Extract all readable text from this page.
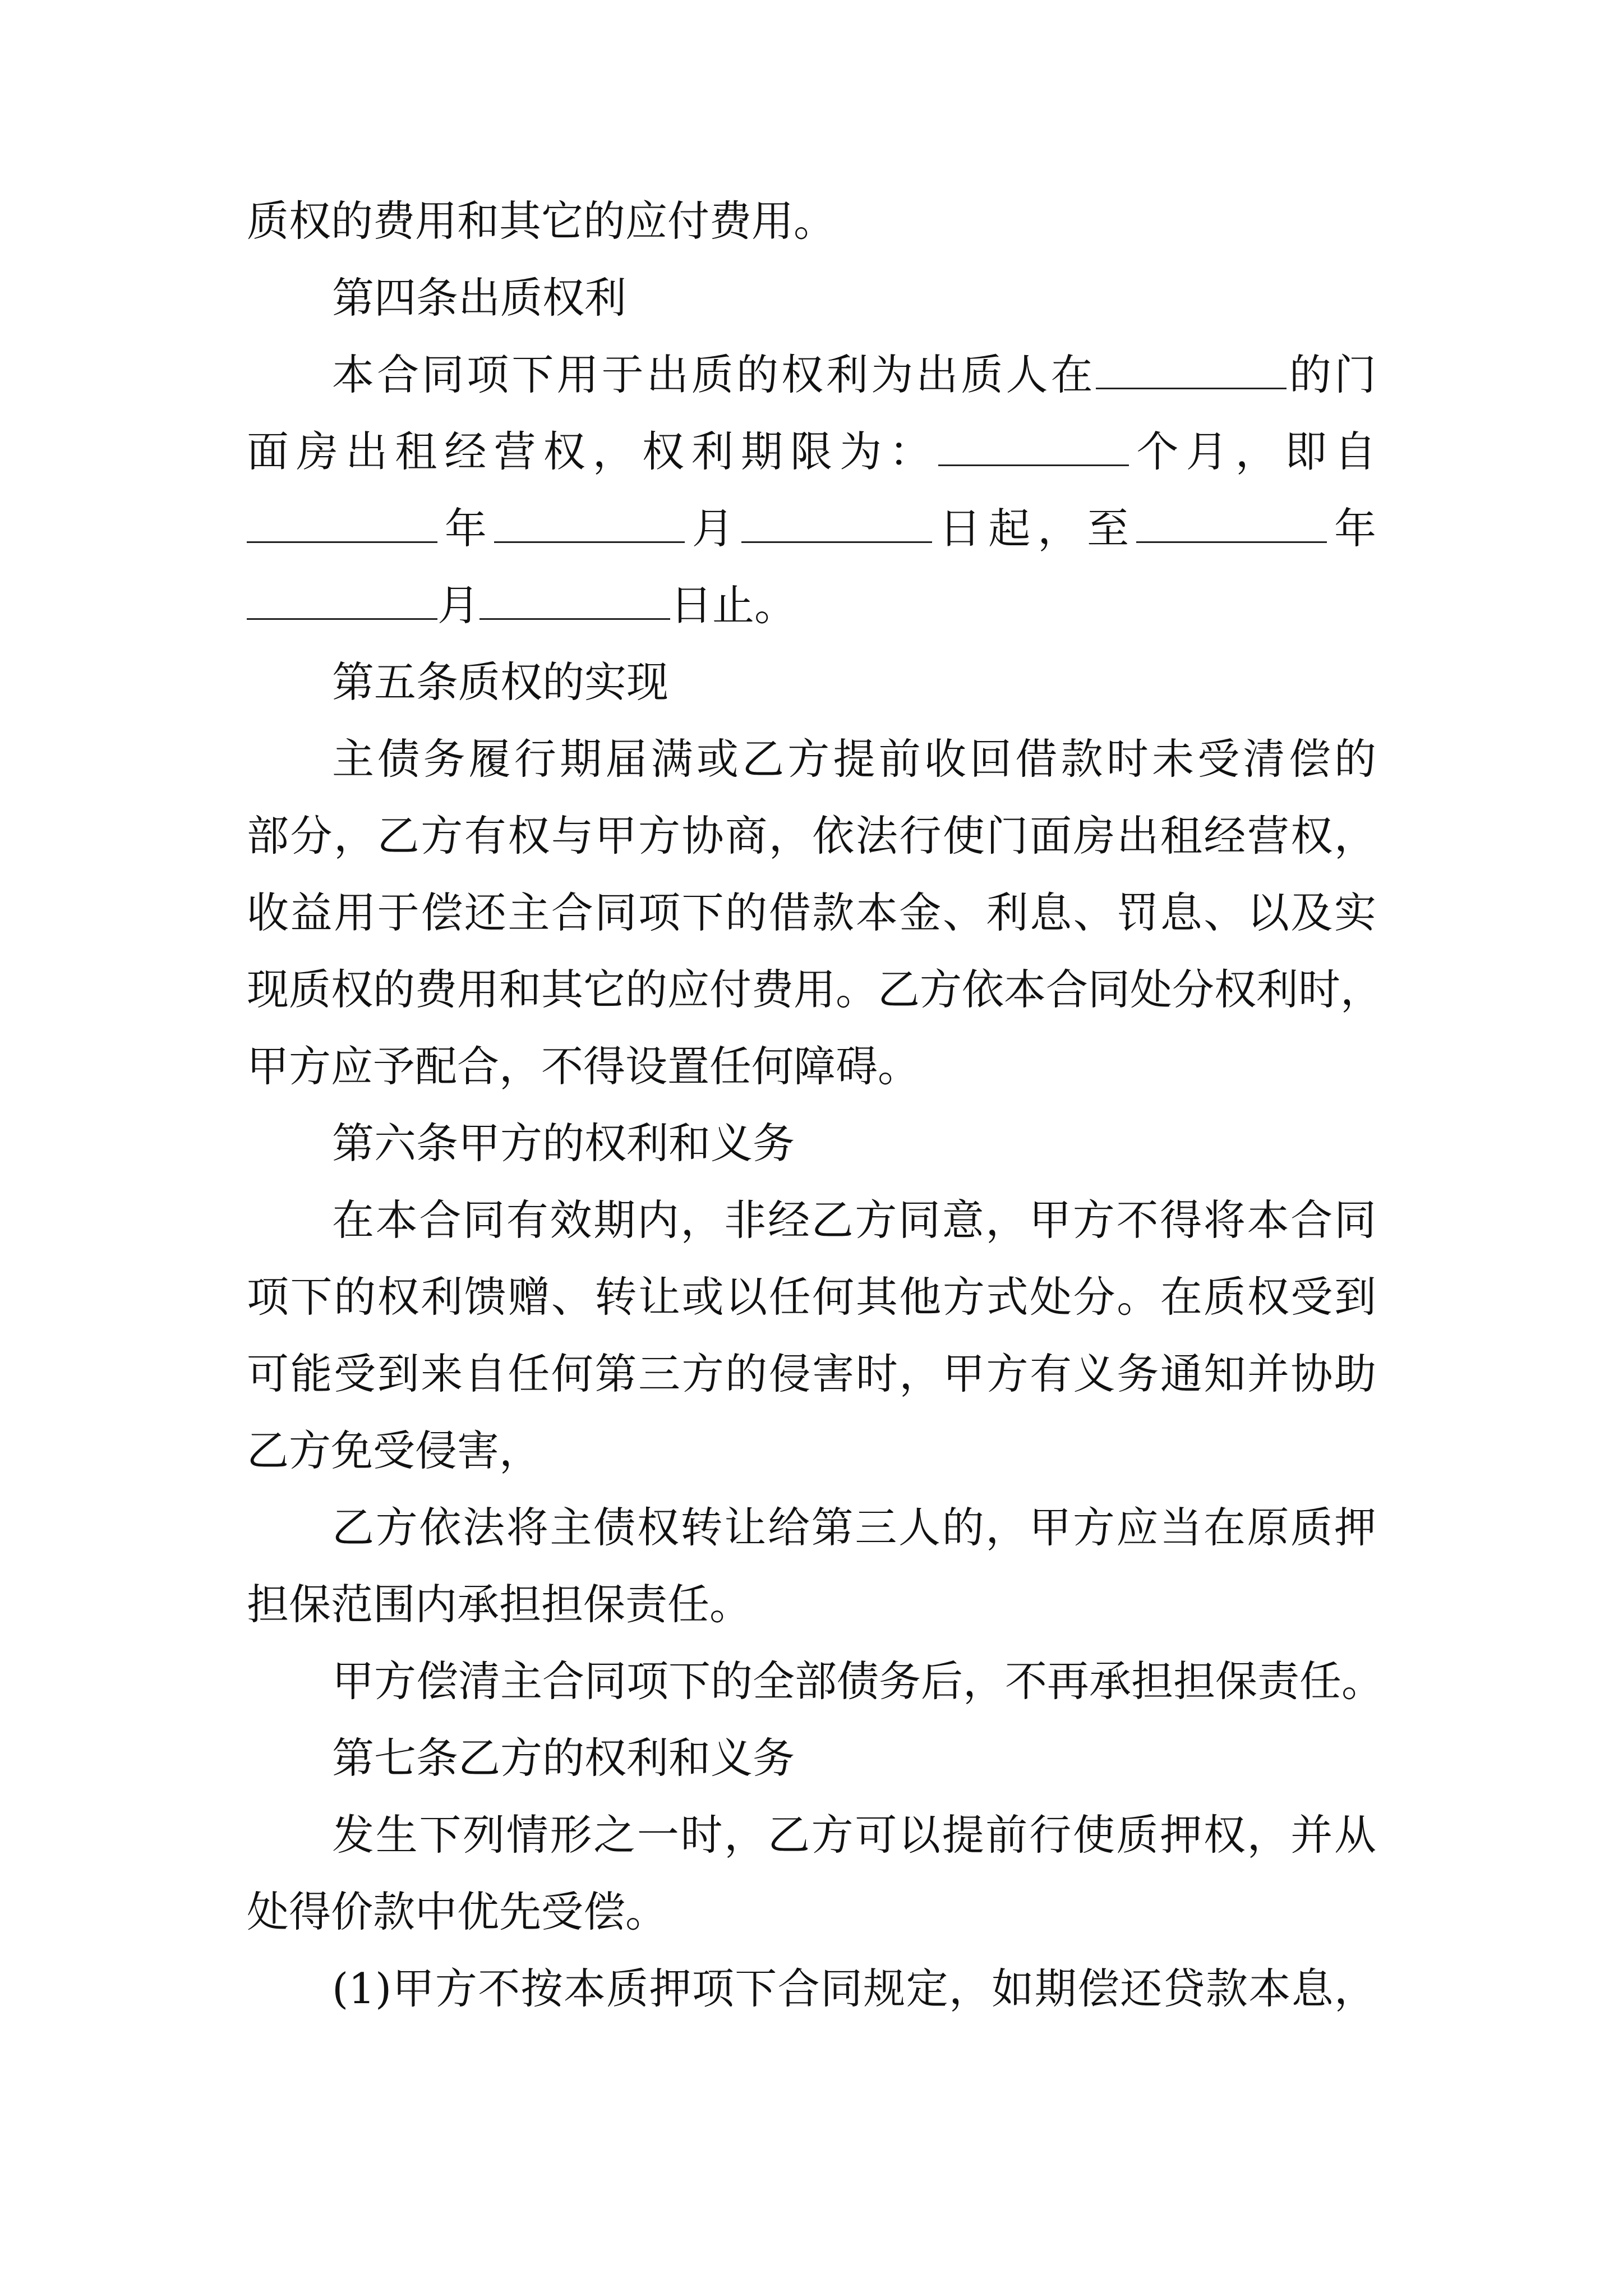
质权的费用和其它的应付费用。
第四条出质权利
本合同项下用于出质的权利为出质人在	的门
面房出租经营权，权利期限为：	个月，即自
年	月	日起，至	年
月	日止。
第五条质权的实现
主债务履行期届满或乙方提前收回借款时未受清偿的
部分，乙方有权与甲方协商，依法行使门面房出租经营权，
收益用于偿还主合同项下的借款本金、利息、罚息、以及实
现质权的费用和其它的应付费用。乙方依本合同处分权利时，
甲方应予配合，不得设置任何障碍。
第六条甲方的权利和义务
在本合同有效期内，非经乙方同意，甲方不得将本合同
项下的权利馈赠、转让或以任何其他方式处分。在质权受到
可能受到来自任何第三方的侵害时，甲方有义务通知并协助
乙方免受侵害，
乙方依法将主债权转让给第三人的，甲方应当在原质押
担保范围内承担担保责任。
甲方偿清主合同项下的全部债务后，不再承担担保责任。
第七条乙方的权利和义务
发生下列情形之一时，乙方可以提前行使质押权，并从
处得价款中优先受偿。
(1)甲方不按本质押项下合同规定，如期偿还贷款本息，
